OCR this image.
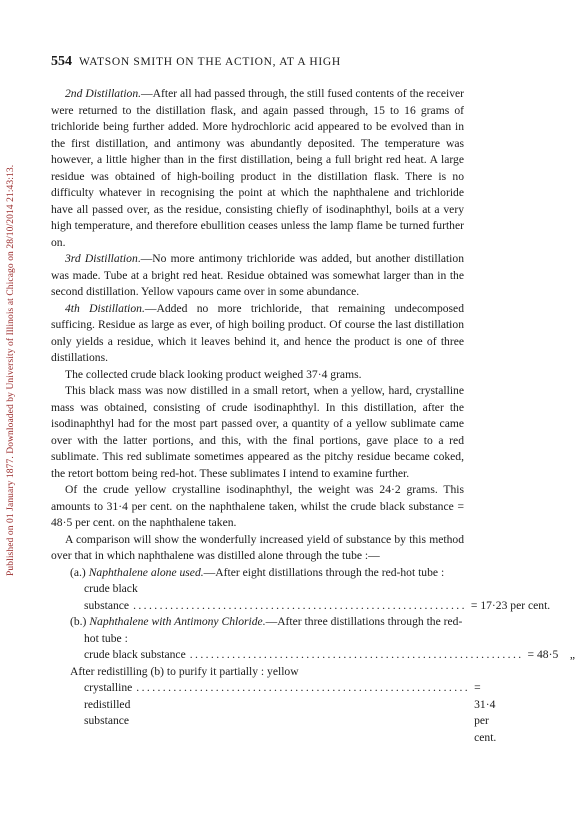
Published on 01 January 1877. Downloaded by University of Illinois at Chicago on 28/10/2014 21:43:13.
554 WATSON SMITH ON THE ACTION, AT A HIGH

2nd Distillation.—After all had passed through, the still fused contents of the receiver were returned to the distillation flask, and again passed through, 15 to 16 grams of trichloride being further added. More hydrochloric acid appeared to be evolved than in the first distillation, and antimony was abundantly deposited. The temperature was however, a little higher than in the first distillation, being a full bright red heat. A large residue was obtained of high-boiling product in the distillation flask. There is no difficulty whatever in recognising the point at which the naphthalene and trichloride have all passed over, as the residue, consisting chiefly of isodinaphthyl, boils at a very high temperature, and therefore ebullition ceases unless the lamp flame be turned further on.

3rd Distillation.—No more antimony trichloride was added, but another distillation was made. Tube at a bright red heat. Residue obtained was somewhat larger than in the second distillation. Yellow vapours came over in some abundance.

4th Distillation.—Added no more trichloride, that remaining undecomposed sufficing. Residue as large as ever, of high boiling product. Of course the last distillation only yields a residue, which it leaves behind it, and hence the product is one of three distillations.

The collected crude black looking product weighed 37·4 grams.

This black mass was now distilled in a small retort, when a yellow, hard, crystalline mass was obtained, consisting of crude isodinaphthyl. In this distillation, after the isodinaphthyl had for the most part passed over, a quantity of a yellow sublimate came over with the latter portions, and this, with the final portions, gave place to a red sublimate. This red sublimate sometimes appeared as the pitchy residue became coked, the retort bottom being red-hot. These sublimates I intend to examine further.

Of the crude yellow crystalline isodinaphthyl, the weight was 24·2 grams. This amounts to 31·4 per cent. on the naphthalene taken, whilst the crude black substance = 48·5 per cent. on the naphthalene taken.

A comparison will show the wonderfully increased yield of substance by this method over that in which naphthalene was distilled alone through the tube :—

(a.) Naphthalene alone used.—After eight distillations through the red-hot tube : crude black

substance ............................................................... = 17·23 per cent.

(b.) Naphthalene with Antimony Chloride.—After three distillations through the red-hot tube :

crude black substance ............................................................... = 48·5    „

After redistilling (b) to purify it partially : yellow

crystalline redistilled substance
............................................................... = 31·4 per cent.
